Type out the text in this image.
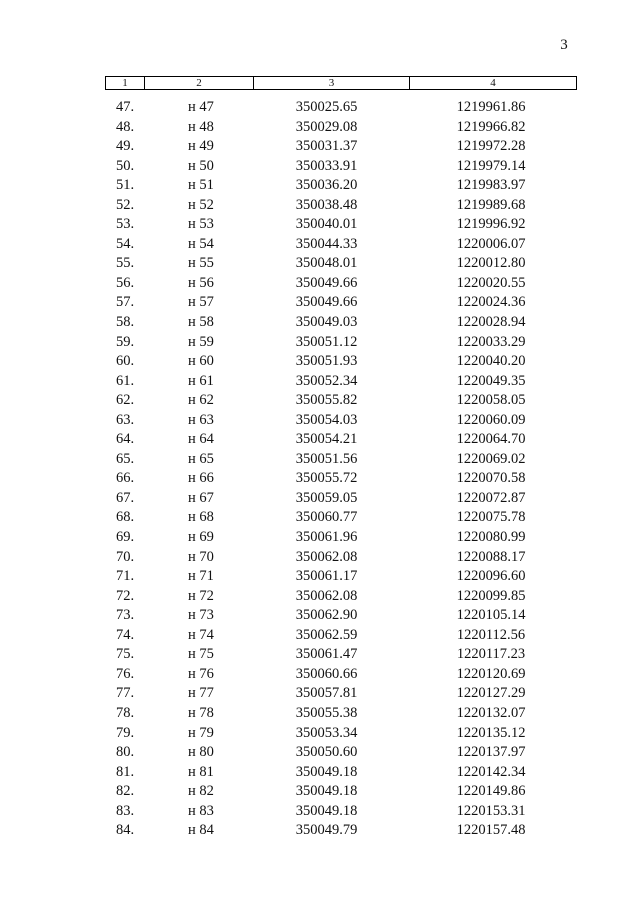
3
1	2	3	4
47.	н 47	350025.65	1219961.86
48.	н 48	350029.08	1219966.82
49.	н 49	350031.37	1219972.28
50.	н 50	350033.91	1219979.14
51.	н 51	350036.20	1219983.97
52.	н 52	350038.48	1219989.68
53.	н 53	350040.01	1219996.92
54.	н 54	350044.33	1220006.07
55.	н 55	350048.01	1220012.80
56.	н 56	350049.66	1220020.55
57.	н 57	350049.66	1220024.36
58.	н 58	350049.03	1220028.94
59.	н 59	350051.12	1220033.29
60.	н 60	350051.93	1220040.20
61.	н 61	350052.34	1220049.35
62.	н 62	350055.82	1220058.05
63.	н 63	350054.03	1220060.09
64.	н 64	350054.21	1220064.70
65.	н 65	350051.56	1220069.02
66.	н 66	350055.72	1220070.58
67.	н 67	350059.05	1220072.87
68.	н 68	350060.77	1220075.78
69.	н 69	350061.96	1220080.99
70.	н 70	350062.08	1220088.17
71.	н 71	350061.17	1220096.60
72.	н 72	350062.08	1220099.85
73.	н 73	350062.90	1220105.14
74.	н 74	350062.59	1220112.56
75.	н 75	350061.47	1220117.23
76.	н 76	350060.66	1220120.69
77.	н 77	350057.81	1220127.29
78.	н 78	350055.38	1220132.07
79.	н 79	350053.34	1220135.12
80.	н 80	350050.60	1220137.97
81.	н 81	350049.18	1220142.34
82.	н 82	350049.18	1220149.86
83.	н 83	350049.18	1220153.31
84.	н 84	350049.79	1220157.48
